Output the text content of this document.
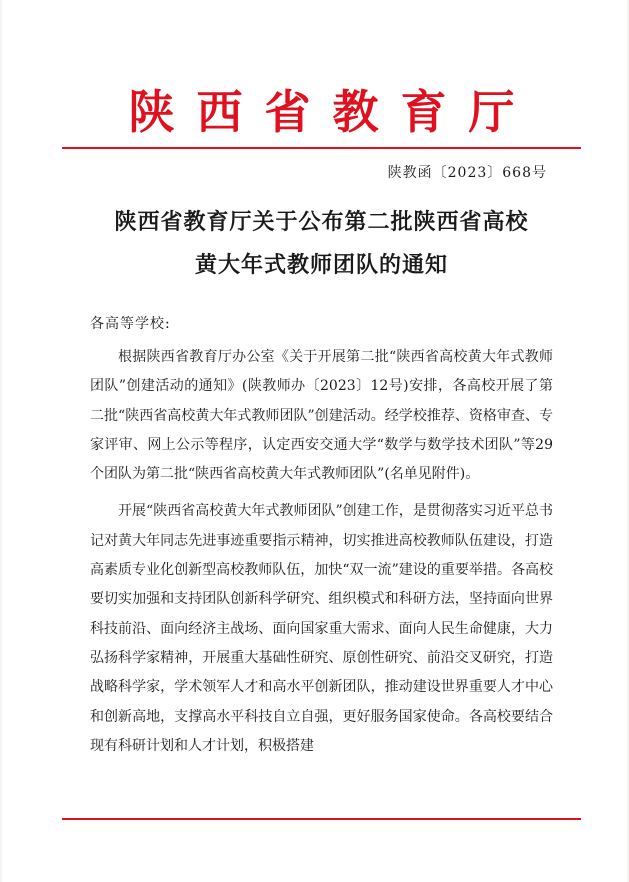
陕西省教育厅
陕教函〔2023〕668号
陕西省教育厅关于公布第二批陕西省高校
黄大年式教师团队的通知
各高等学校:

根据陕西省教育厅办公室《关于开展第二批“陕西省高校黄大年式教师团队”创建活动的通知》(陕教师办〔2023〕12号)安排，各高校开展了第二批“陕西省高校黄大年式教师团队”创建活动。经学校推荐、资格审查、专家评审、网上公示等程序，认定西安交通大学“数学与数学技术团队”等29个团队为第二批“陕西省高校黄大年式教师团队”(名单见附件)。

开展“陕西省高校黄大年式教师团队”创建工作，是贯彻落实习近平总书记对黄大年同志先进事迹重要指示精神，切实推进高校教师队伍建设，打造高素质专业化创新型高校教师队伍，加快“双一流”建设的重要举措。各高校要切实加强和支持团队创新科学研究、组织模式和科研方法，坚持面向世界科技前沿、面向经济主战场、面向国家重大需求、面向人民生命健康，大力弘扬科学家精神，开展重大基础性研究、原创性研究、前沿交叉研究，打造战略科学家，学术领军人才和高水平创新团队，推动建设世界重要人才中心和创新高地，支撑高水平科技自立自强，更好服务国家使命。各高校要结合现有科研计划和人才计划，积极搭建
